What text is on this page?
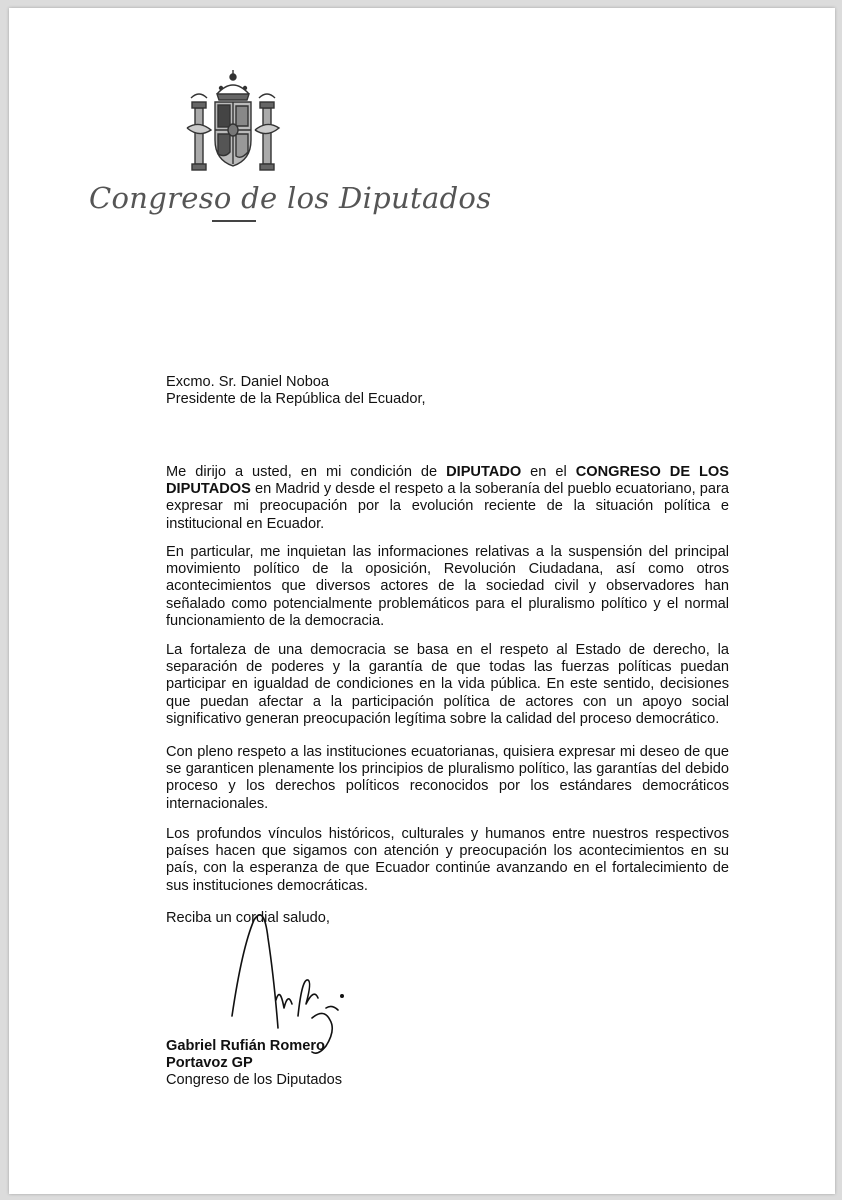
Congreso de los Diputados
Excmo. Sr. Daniel Noboa
Presidente de la República del Ecuador,
Me dirijo a usted, en mi condición de DIPUTADO en el CONGRESO DE LOS DIPUTADOS en Madrid y desde el respeto a la soberanía del pueblo ecuatoriano, para expresar mi preocupación por la evolución reciente de la situación política e institucional en Ecuador.
En particular, me inquietan las informaciones relativas a la suspensión del principal movimiento político de la oposición, Revolución Ciudadana, así como otros acontecimientos que diversos actores de la sociedad civil y observadores han señalado como potencialmente problemáticos para el pluralismo político y el normal funcionamiento de la democracia.
La fortaleza de una democracia se basa en el respeto al Estado de derecho, la separación de poderes y la garantía de que todas las fuerzas políticas puedan participar en igualdad de condiciones en la vida pública. En este sentido, decisiones que puedan afectar a la participación política de actores con un apoyo social significativo generan preocupación legítima sobre la calidad del proceso democrático.
Con pleno respeto a las instituciones ecuatorianas, quisiera expresar mi deseo de que se garanticen plenamente los principios de pluralismo político, las garantías del debido proceso y los derechos políticos reconocidos por los estándares democráticos internacionales.
Los profundos vínculos históricos, culturales y humanos entre nuestros respectivos países hacen que sigamos con atención y preocupación los acontecimientos en su país, con la esperanza de que Ecuador continúe avanzando en el fortalecimiento de sus instituciones democráticas.
Reciba un cordial saludo,
Gabriel Rufián Romero
Portavoz GP
Congreso de los Diputados
